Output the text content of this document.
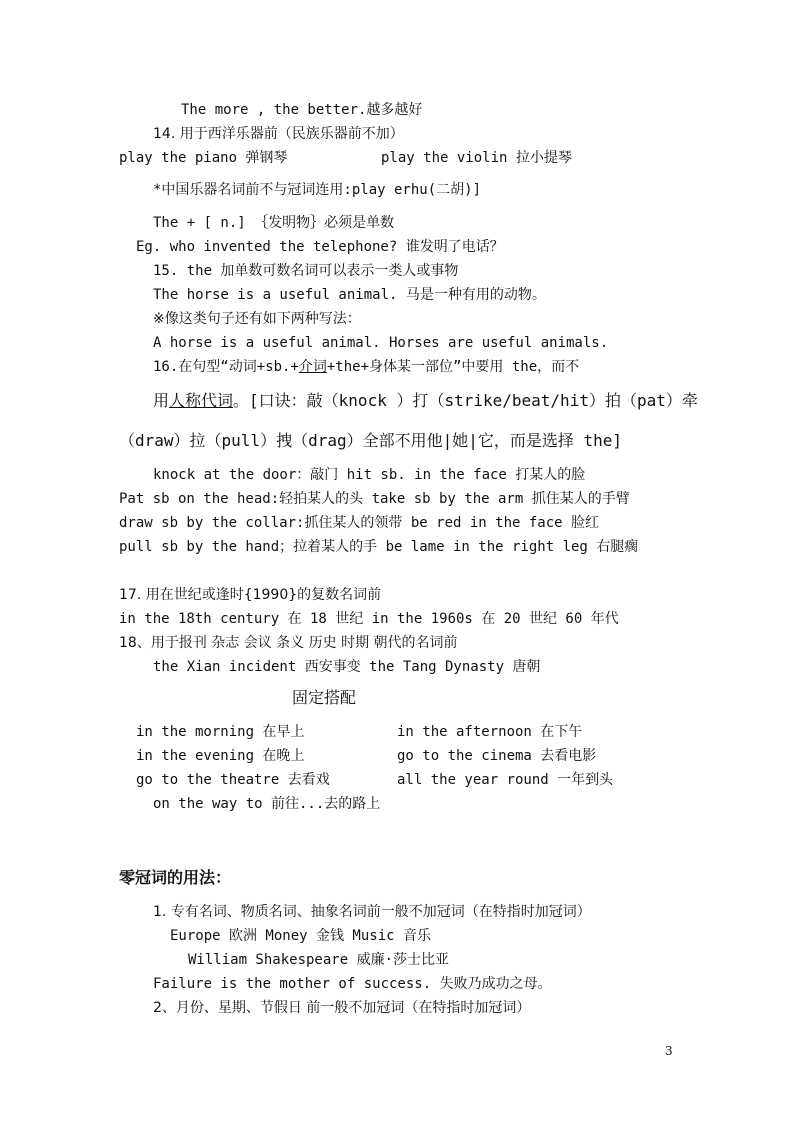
The more , the better.越多越好
14. 用于西洋乐器前（民族乐器前不加）
play the piano 弹钢琴	play the violin 拉小提琴
*中国乐器名词前不与冠词连用:play erhu(二胡)]
The + [ n.] ｛发明物｝必须是单数
Eg. who invented the telephone? 谁发明了电话？
15. the 加单数可数名词可以表示一类人或事物
The horse is a useful animal. 马是一种有用的动物。
※像这类句子还有如下两种写法：
A horse is a useful animal. Horses are useful animals.
16.在句型“动词+sb.+介词+the+身体某一部位”中要用 the，而不
用人称代词。[口诀：敲（knock ）打（strike/beat/hit）拍（pat）牵
（draw）拉（pull）拽（drag）全部不用他|她|它，而是选择 the]
knock at the door：敲门 hit sb. in the face 打某人的脸
Pat sb on the head:轻拍某人的头 take sb by the arm 抓住某人的手臂
draw sb by the collar:抓住某人的领带 be red in the face 脸红
pull sb by the hand；拉着某人的手 be lame in the right leg 右腿瘸
17. 用在世纪或逢时{1990}的复数名词前
in the 18th century 在 18 世纪 in the 1960s 在 20 世纪 60 年代
18、用于报刊 杂志 会议 条义 历史 时期 朝代的名词前
the Xian incident 西安事变 the Tang Dynasty 唐朝
固定搭配
in the morning 在早上	in the afternoon 在下午
in the evening 在晚上	go to the cinema 去看电影
go to the theatre 去看戏	all the year round 一年到头
on the way to 前往...去的路上
零冠词的用法：
1. 专有名词、物质名词、抽象名词前一般不加冠词（在特指时加冠词）
Europe 欧洲 Money 金钱 Music 音乐
William Shakespeare 威廉·莎士比亚
Failure is the mother of success. 失败乃成功之母。
2、月份、星期、节假日 前一般不加冠词（在特指时加冠词）
3
